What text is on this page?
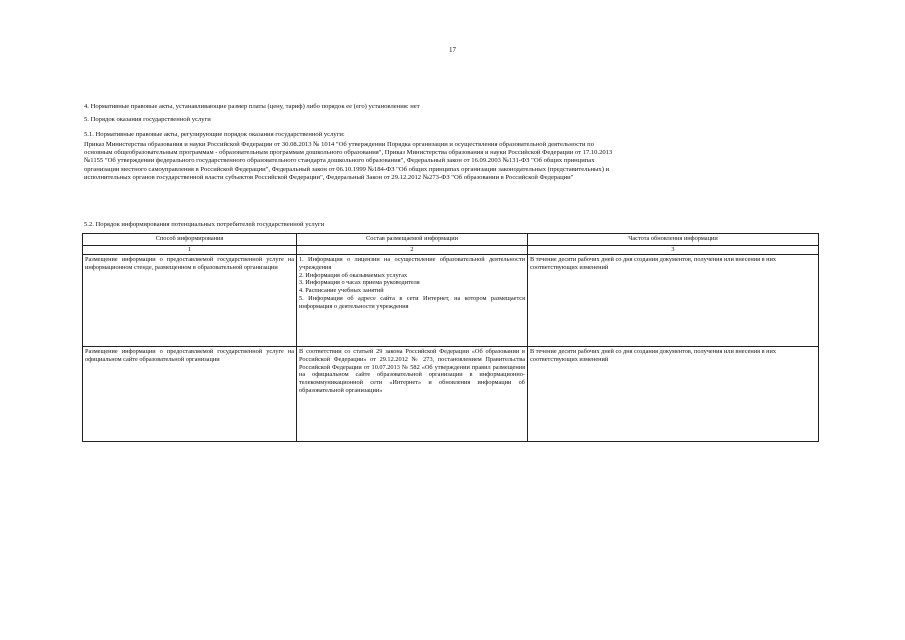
17
4. Нормативные правовые акты, устанавливающие размер платы (цену, тариф) либо порядок ее (его) установления: нет
5. Порядок оказания государственной услуги
5.1. Нормативные правовые акты, регулирующие порядок оказания государственной услуги:
Приказ Министерства образования и науки Российской Федерации от 30.08.2013 № 1014 "Об утверждении Порядка организации и осуществления образовательной деятельности по
основным общеобразовательным программам - образовательным программам дошкольного образования", Приказ Министерства образования и науки Российской Федерации от 17.10.2013
№1155 "Об утверждении федерального государственного образовательного стандарта дошкольного образования", Федеральный закон от 16.09.2003 №131-ФЗ "Об общих принципах
организации местного самоуправления в Российской Федерации", Федеральный закон от 06.10.1999 №184-ФЗ "Об общих принципах организации законодательных (представительных) и
исполнительных органов государственной власти субъектов Российской Федерации", Федеральный Закон от 29.12.2012 №273-ФЗ "Об образовании в Российской Федерации"
5.2. Порядок информирования потенциальных потребителей государственной услуги
Способ информирования	Состав размещаемой информации	Частота обновления информации
1	2	3
Размещение информации о предоставляемой государственной услуге на информационном стенде, размещенном в образовательной организации	1. Информация о лицензии на осуществление образовательной деятельности учреждения
2. Информация об оказываемых услугах
3. Информация о часах приема руководителя
4. Расписание учебных занятий
5. Информация об адресе сайта в сети Интернет, на котором размещается информация о деятельности учреждения	В течение десяти рабочих дней со дня создания документов, получения или внесения в них соответствующих изменений
Размещение информации о предоставляемой государственной услуге на официальном сайте образовательной организации	В соответствии со статьей 29 закона Российской Федерации «Об образовании в Российской Федерации» от 29.12.2012 № 273, постановлением Правительства Российской Федерации от 10.07.2013 № 582 «Об утверждении правил размещения на официальном сайте образовательной организации в информационно-телекоммуникационной сети «Интернет» и обновления информации об образовательной организации»	В течение десяти рабочих дней со дня создания документов, получения или внесения в них соответствующих изменений
